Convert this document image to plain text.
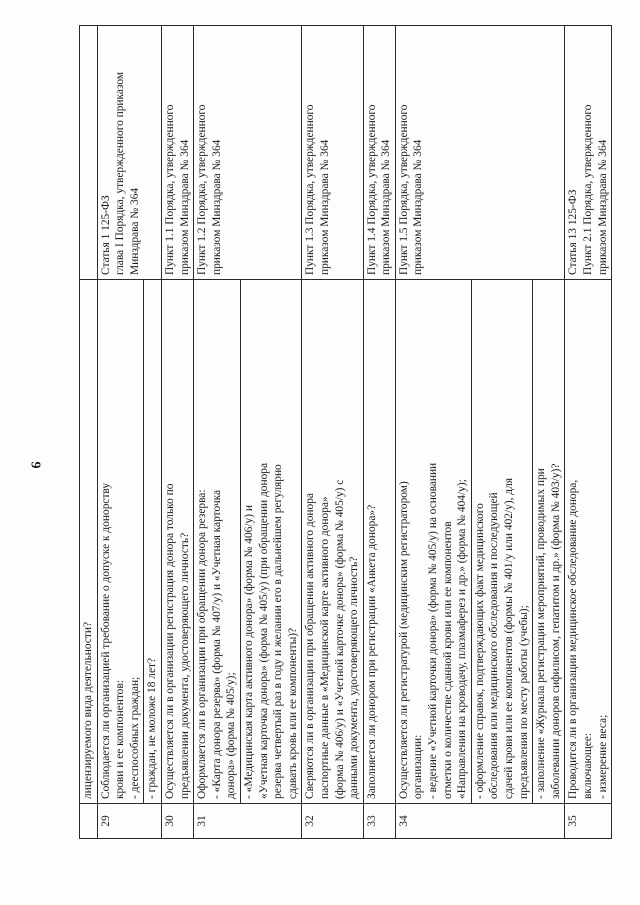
9

	лицензируемого вида деятельности?	

29	Соблюдается ли организацией требование о допуске к донорству крови и ее компонентов: - дееспособных граждан;	Статья 1 125-ФЗ глава I Порядка, утвержденного приказом Минздрава № 364

	- граждан, не моложе 18 лет?	

30	Осуществляется ли в организации регистрация донора только по предъявлении документа, удостоверяющего личность?	Пункт 1.1 Порядка, утвержденного приказом Минздрава № 364

31	Оформляется ли в организации при обращении донора резерва: - «Карта донора резерва» (форма № 407/у) и «Учетная карточка донора» (форма № 405/у);	Пункт 1.2 Порядка, утвержденного приказом Минздрава № 364

	- «Медицинская карта активного донора» (форма № 406/у) и «Учетная карточка донора» (форма № 405/у) (при обращении донора резерва четвертый раз в году и желании его в дальнейшем регулярно сдавать кровь или ее компоненты)?	

32	Сверяются ли в организации при обращении активного донора паспортные данные в «Медицинской карте активного донора» (форма № 406/у) и «Учетной карточке донора» (форма № 405/у) с данными документа, удостоверяющего личность?	Пункт 1.3 Порядка, утвержденного приказом Минздрава № 364

33	Заполняется ли донором при регистрации «Анкета донора»?	Пункт 1.4 Порядка, утвержденного приказом Минздрава № 364

34	Осуществляется ли регистратурой (медицинским регистратором) организации: - ведение «Учетной карточки донора» (форма № 405/у) на основании отметки о количестве сданной крови или ее компонентов «Направления на кроводачу, плазмаферез и др.» (форма № 404/у);	Пункт 1.5 Порядка, утвержденного приказом Минздрава № 364

	- оформление справок, подтверждающих факт медицинского обследования или медицинского обследования и последующей сдачей крови или ее компонентов (формы № 401/у или 402/у), для предъявления по месту работы (учебы);	

	- заполнение «Журнала регистрации мероприятий, проводимых при заболевании доноров сифилисом, гепатитом и др.» (форма № 403/у)?	

35	Проводится ли в организации медицинское обследование донора, включающее: - измерение веса;	Статья 13 125-ФЗ Пункт 2.1 Порядка, утвержденного приказом Минздрава № 364
